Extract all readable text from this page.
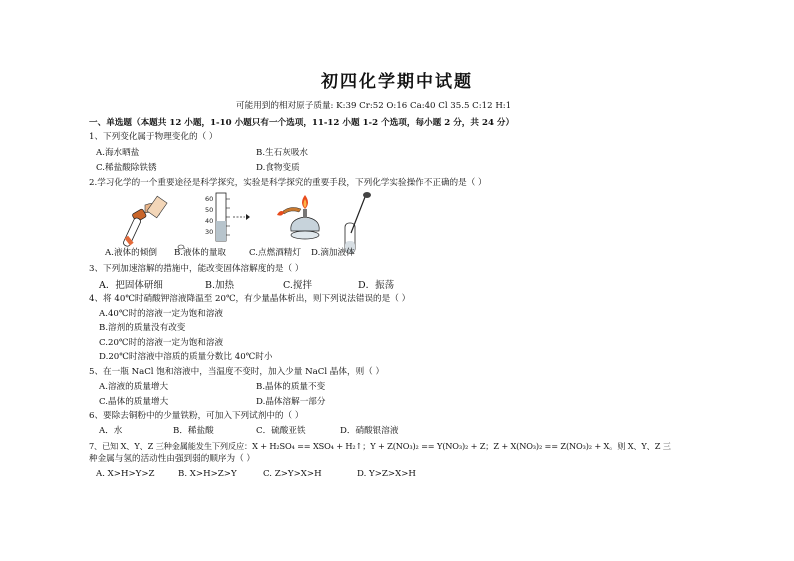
初四化学期中试题
可能用到的相对原子质量: K:39 Cr:52 O:16 Ca:40 Cl 35.5 C:12 H:1
一、单选题（本题共 12 小题，1-10 小题只有一个选项，11-12 小题 1-2 个选项，每小题 2 分，共 24 分）
1、下列变化属于物理变化的（ ）
A.海水晒盐	B.生石灰吸水
C.稀盐酸除铁锈	D.食物变质
2.学习化学的一个重要途径是科学探究，实验是科学探究的重要手段，下列化学实验操作不正确的是（ ）
60
50
40
30
A.液体的倾倒 B.液体的量取	C.点燃酒精灯 D.滴加液体
3、下列加速溶解的措施中，能改变固体溶解度的是（ ）
A．把固体研细	B.加热	C.搅拌	D．振荡
4、将 40℃时硝酸钾溶液降温至 20℃，有少量晶体析出，则下列说法错误的是（ ）
A.40℃时的溶液一定为饱和溶液
B.溶剂的质量没有改变
C.20℃时的溶液一定为饱和溶液
D.20℃时溶液中溶质的质量分数比 40℃时小
5、在一瓶 NaCl 饱和溶液中，当温度不变时，加入少量 NaCl 晶体，则（ ）
A.溶液的质量增大	B.晶体的质量不变
C.晶体的质量增大	D.晶体溶解一部分
6、要除去铜粉中的少量铁粉，可加入下列试剂中的（ ）
A．水	B．稀盐酸	C．硫酸亚铁	D．硝酸银溶液
7、已知 X、Y、Z 三种金属能发生下列反应：X + H₂SO₄ == XSO₄ + H₂↑；Y + Z(NO₃)₂ == Y(NO₃)₂ + Z；Z + X(NO₃)₂ == Z(NO₃)₂ + X。则 X、Y、Z 三
种金属与氢的活动性由强到弱的顺序为（ ）
A. X>H>Y>Z	B. X>H>Z>Y	C. Z>Y>X>H	D. Y>Z>X>H
